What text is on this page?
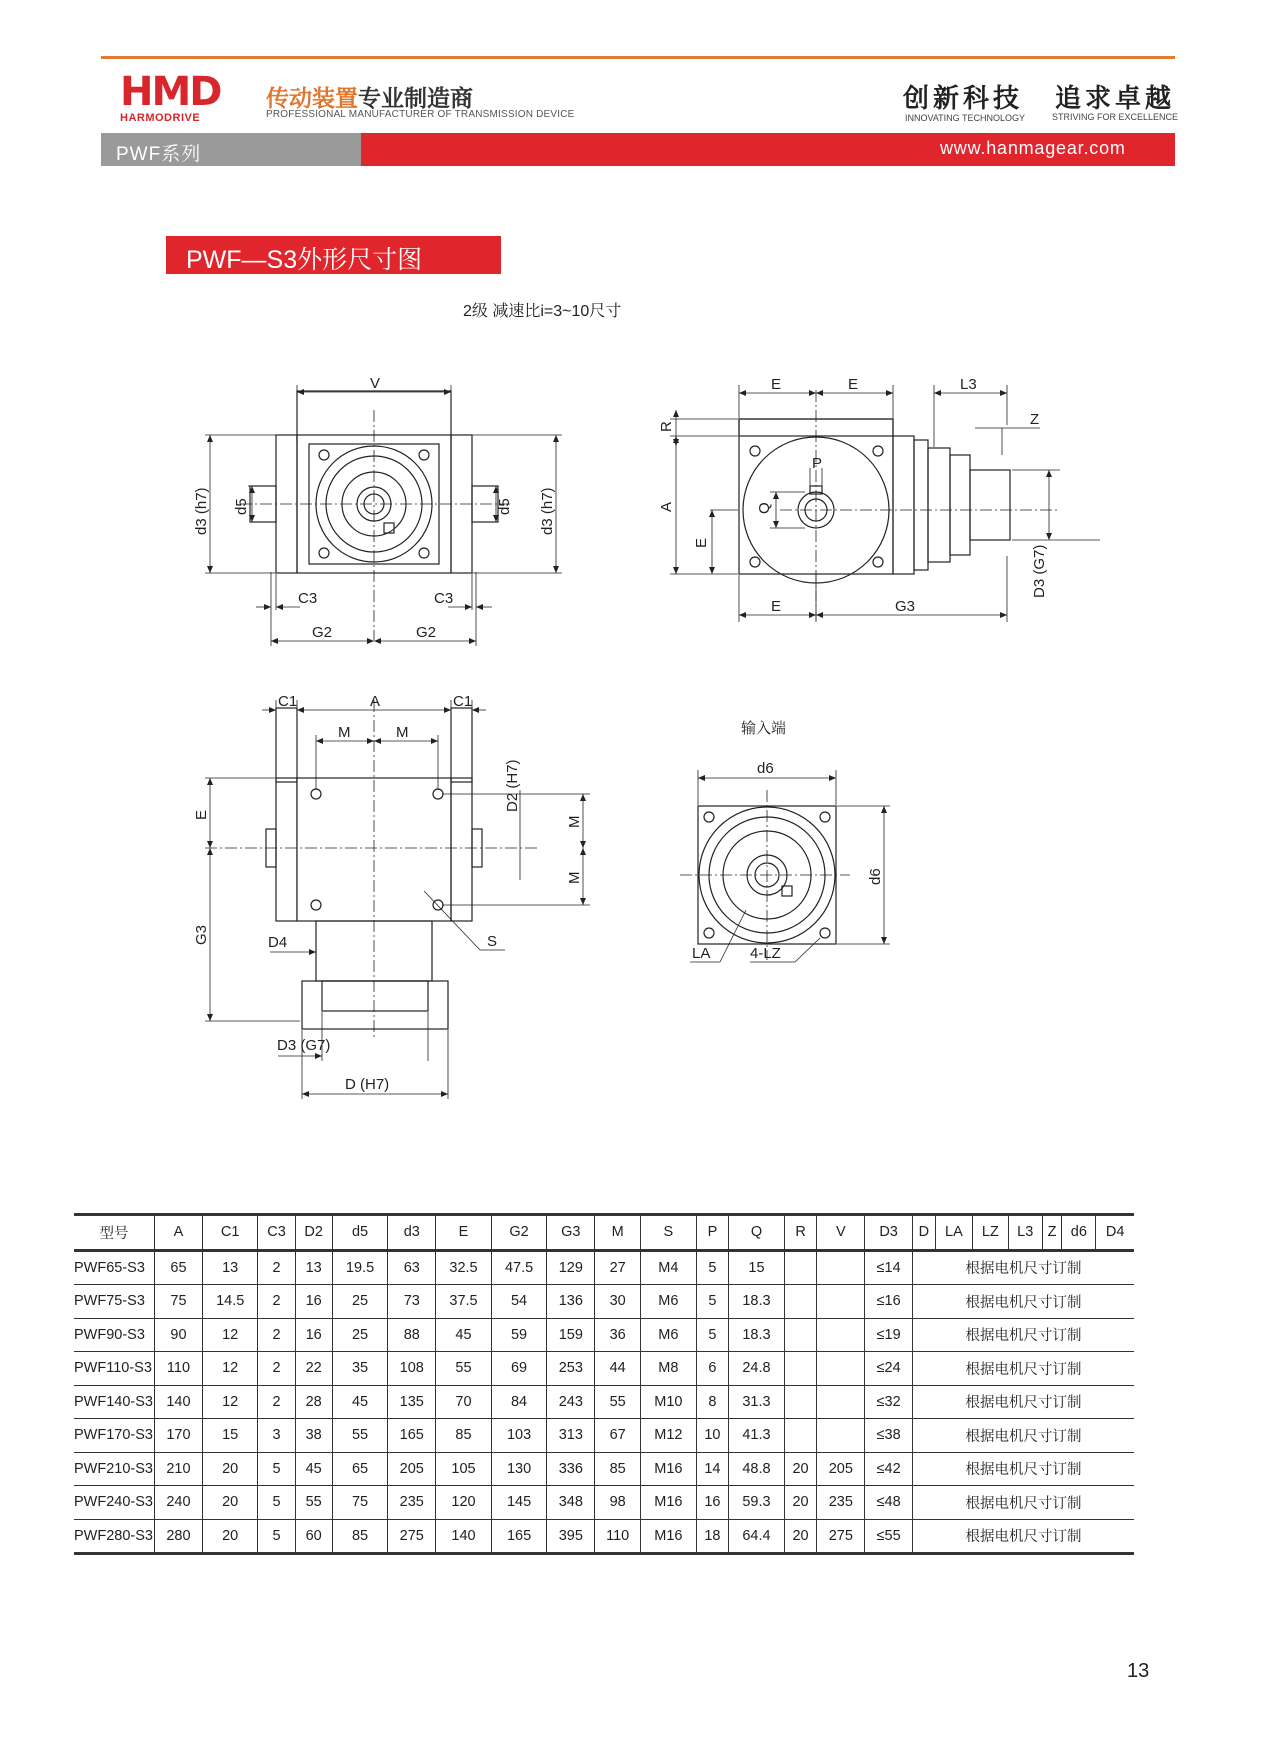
HMD
HARMODRIVE
传动装置专业制造商
PROFESSIONAL MANUFACTURER OF TRANSMISSION DEVICE
创新科技 追求卓越
INNOVATING TECHNOLOGY	STRIVING FOR EXCELLENCE
PWF系列	www.hanmagear.com
PWF—S3外形尺寸图
2级 减速比i=3~10尺寸
V
d3 (h7) d5	d5 d3 (h7)
C3	C3
G2	G2
E	E	L3
Z
R
P
A	Q
E
E	G3
D3 (G7)
C1	A	C1
M	M
D2 (H7)
E
M
M
G3	D4	S
D3 (G7)
D (H7)
输入端
d6
d6
LA	4-LZ
型号	A	C1	C3	D2	d5	d3	E	G2	G3	M	S	P	Q	R	V	D3	D	LA	LZ	L3	Z	d6	D4
PWF65-S3	65	13	2	13	19.5	63	32.5	47.5	129	27	M4	5	15			≤14	根据电机尺寸订制						
PWF75-S3	75	14.5	2	16	25	73	37.5	54	136	30	M6	5	18.3			≤16	根据电机尺寸订制						
PWF90-S3	90	12	2	16	25	88	45	59	159	36	M6	5	18.3			≤19	根据电机尺寸订制						
PWF110-S3	110	12	2	22	35	108	55	69	253	44	M8	6	24.8			≤24	根据电机尺寸订制						
PWF140-S3	140	12	2	28	45	135	70	84	243	55	M10	8	31.3			≤32	根据电机尺寸订制						
PWF170-S3	170	15	3	38	55	165	85	103	313	67	M12	10	41.3			≤38	根据电机尺寸订制						
PWF210-S3	210	20	5	45	65	205	105	130	336	85	M16	14	48.8	20	205	≤42	根据电机尺寸订制						
PWF240-S3	240	20	5	55	75	235	120	145	348	98	M16	16	59.3	20	235	≤48	根据电机尺寸订制						
PWF280-S3	280	20	5	60	85	275	140	165	395	110	M16	18	64.4	20	275	≤55	根据电机尺寸订制						
13
